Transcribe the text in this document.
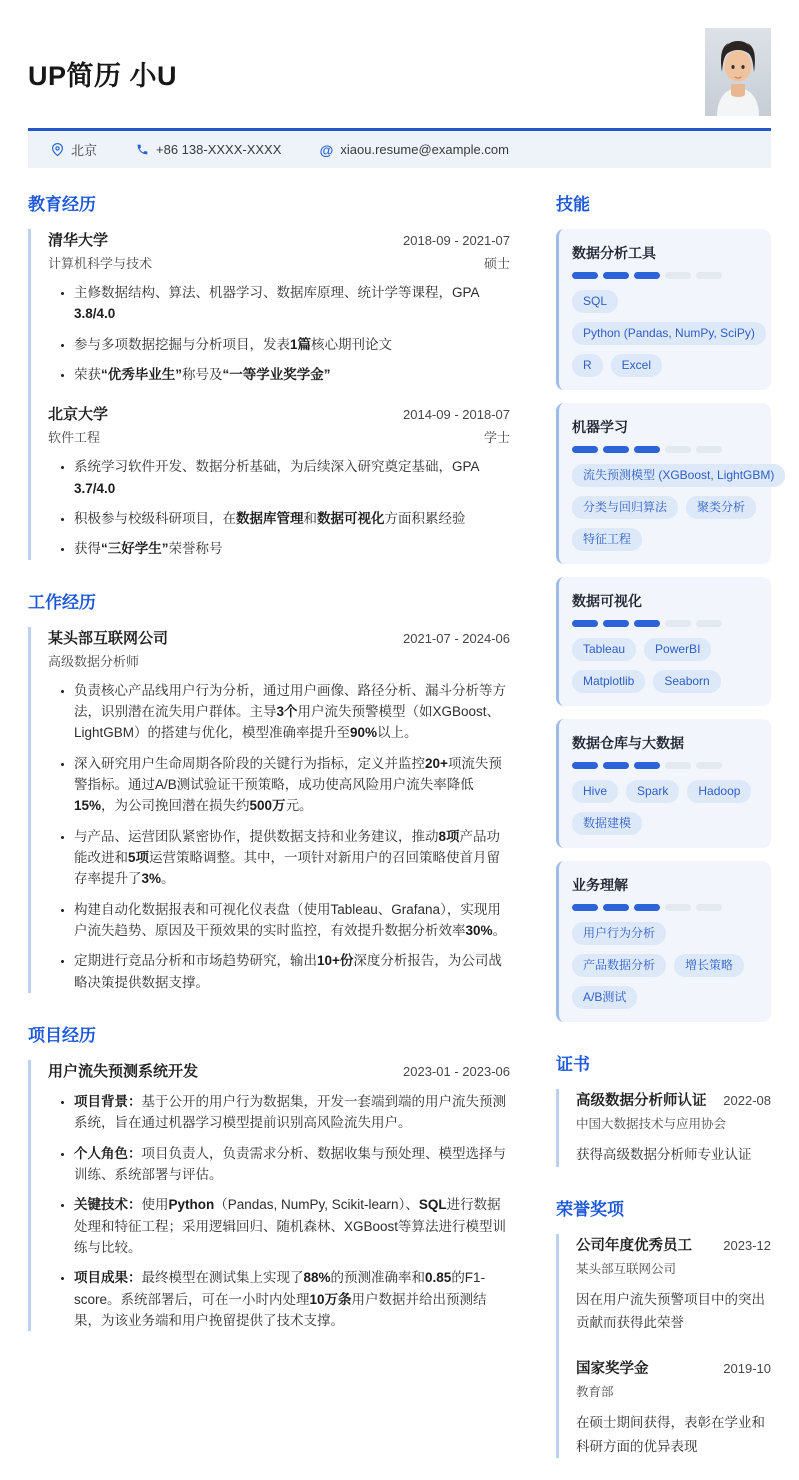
UP简历 小U
北京	+86 138-XXXX-XXXX	@ xiaou.resume@example.com
教育经历
清华大学	2018-09 - 2021-07
计算机科学与技术	硕士
• 主修数据结构、算法、机器学习、数据库原理、统计学等课程，GPA 3.8/4.0
• 参与多项数据挖掘与分析项目，发表1篇核心期刊论文
• 荣获“优秀毕业生”称号及“一等学业奖学金”
北京大学	2014-09 - 2018-07
软件工程	学士
• 系统学习软件开发、数据分析基础，为后续深入研究奠定基础，GPA 3.7/4.0
• 积极参与校级科研项目，在数据库管理和数据可视化方面积累经验
• 获得“三好学生”荣誉称号
工作经历
某头部互联网公司	2021-07 - 2024-06
高级数据分析师
• 负责核心产品线用户行为分析，通过用户画像、路径分析、漏斗分析等方法，识别潜在流失用户群体。主导3个用户流失预警模型（如XGBoost、LightGBM）的搭建与优化，模型准确率提升至90%以上。
• 深入研究用户生命周期各阶段的关键行为指标，定义并监控20+项流失预警指标。通过A/B测试验证干预策略，成功使高风险用户流失率降低15%，为公司挽回潜在损失约500万元。
• 与产品、运营团队紧密协作，提供数据支持和业务建议，推动8项产品功能改进和5项运营策略调整。其中，一项针对新用户的召回策略使首月留存率提升了3%。
• 构建自动化数据报表和可视化仪表盘（使用Tableau、Grafana），实现用户流失趋势、原因及干预效果的实时监控，有效提升数据分析效率30%。
• 定期进行竞品分析和市场趋势研究，输出10+份深度分析报告，为公司战略决策提供数据支撑。
项目经历
用户流失预测系统开发	2023-01 - 2023-06
• 项目背景：基于公开的用户行为数据集，开发一套端到端的用户流失预测系统，旨在通过机器学习模型提前识别高风险流失用户。
• 个人角色：项目负责人，负责需求分析、数据收集与预处理、模型选择与训练、系统部署与评估。
• 关键技术：使用Python（Pandas, NumPy, Scikit-learn）、SQL进行数据处理和特征工程；采用逻辑回归、随机森林、XGBoost等算法进行模型训练与比较。
• 项目成果：最终模型在测试集上实现了88%的预测准确率和0.85的F1-score。系统部署后，可在一小时内处理10万条用户数据并给出预测结果，为该业务端和用户挽留提供了技术支撑。
技能
数据分析工具
SQL
Python (Pandas, NumPy, SciPy)
R	Excel
机器学习
流失预测模型 (XGBoost, LightGBM)
分类与回归算法	聚类分析
特征工程
数据可视化
Tableau	PowerBI
Matplotlib	Seaborn
数据仓库与大数据
Hive	Spark	Hadoop
数据建模
业务理解
用户行为分析
产品数据分析	增长策略
A/B测试
证书
高级数据分析师认证 2022-08
中国大数据技术与应用协会
获得高级数据分析师专业认证
荣誉奖项
公司年度优秀员工 2023-12
某头部互联网公司
因在用户流失预警项目中的突出贡献而获得此荣誉
国家奖学金	2019-10
教育部
在硕士期间获得，表彰在学业和科研方面的优异表现
